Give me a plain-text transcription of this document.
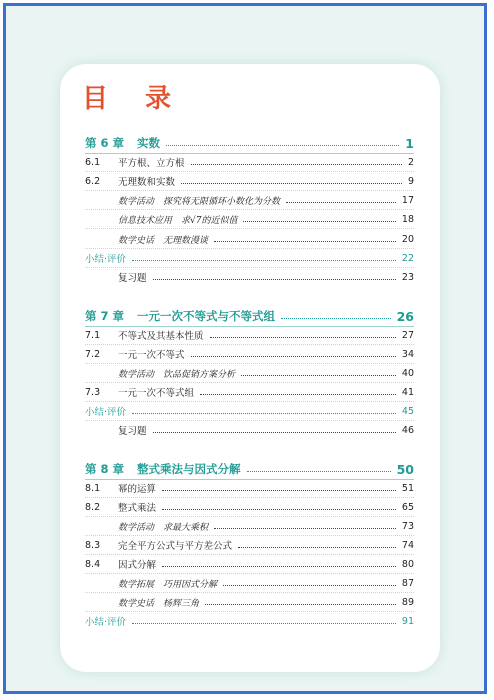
目 录
第 6 章	实数	1
6.1	平方根、立方根	2
6.2	无理数和实数	9
数学活动　探究将无限循环小数化为分数	17
信息技术应用　求√7的近似值	18
数学史话　无理数漫谈	20
小结·评价	22
复习题	23
第 7 章	一元一次不等式与不等式组	26
7.1	不等式及其基本性质	27
7.2	一元一次不等式	34
数学活动　饮品促销方案分析	40
7.3	一元一次不等式组	41
小结·评价	45
复习题	46
第 8 章	整式乘法与因式分解	50
8.1	幂的运算	51
8.2	整式乘法	65
数学活动　求最大乘积	73
8.3	完全平方公式与平方差公式	74
8.4	因式分解	80
数学拓展　巧用因式分解	87
数学史话　杨辉三角	89
小结·评价	91
